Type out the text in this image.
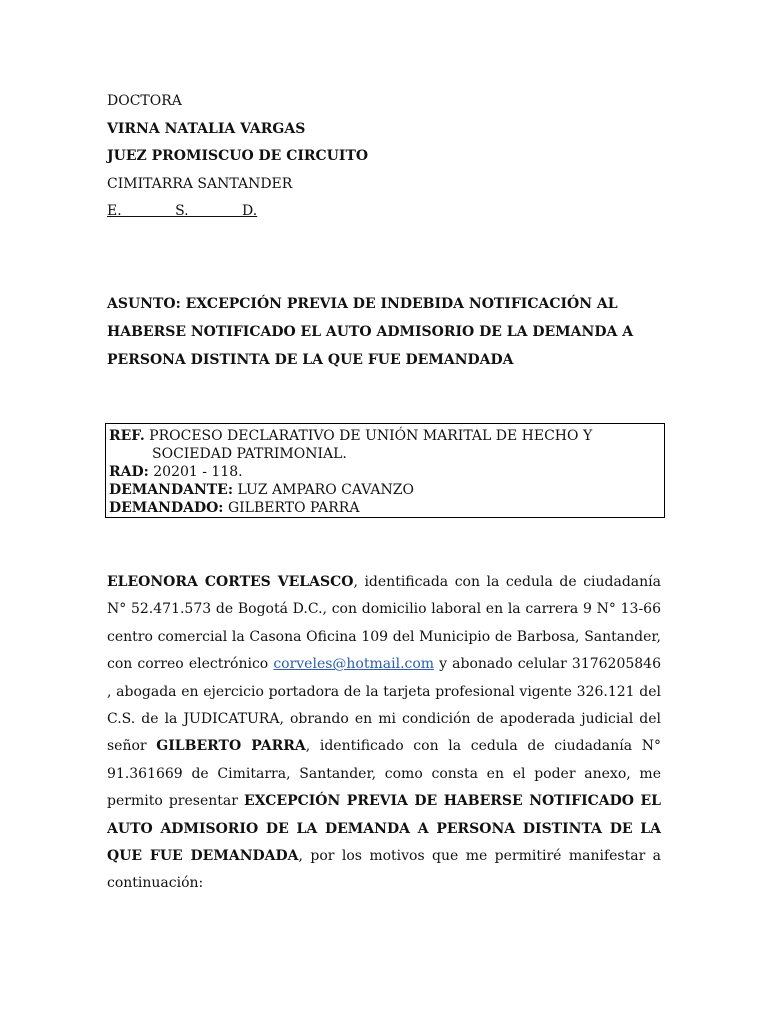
DOCTORA
VIRNA NATALIA VARGAS
JUEZ PROMISCUO DE CIRCUITO
CIMITARRA SANTANDER
E.            S.            D.
ASUNTO: EXCEPCIÓN PREVIA DE INDEBIDA NOTIFICACIÓN AL
HABERSE NOTIFICADO EL AUTO ADMISORIO DE LA DEMANDA A
PERSONA DISTINTA DE LA QUE FUE DEMANDADA
REF. PROCESO DECLARATIVO DE UNIÓN MARITAL DE HECHO Y
SOCIEDAD PATRIMONIAL.
RAD: 20201 - 118.
DEMANDANTE: LUZ AMPARO CAVANZO
DEMANDADO: GILBERTO PARRA
ELEONORA CORTES VELASCO, identificada con la cedula de ciudadanía N° 52.471.573 de Bogotá D.C., con domicilio laboral en la carrera 9 N° 13-66 centro comercial la Casona Oficina 109 del Municipio de Barbosa, Santander, con correo electrónico corveles@hotmail.com y abonado celular 3176205846 , abogada en ejercicio portadora de la tarjeta profesional vigente 326.121 del C.S. de la JUDICATURA, obrando en mi condición de apoderada judicial del señor GILBERTO PARRA, identificado con la cedula de ciudadanía N° 91.361669 de Cimitarra, Santander, como consta en el poder anexo, me permito presentar EXCEPCIÓN PREVIA DE HABERSE NOTIFICADO EL AUTO ADMISORIO DE LA DEMANDA A PERSONA DISTINTA DE LA QUE FUE DEMANDADA, por los motivos que me permitiré manifestar a continuación:
